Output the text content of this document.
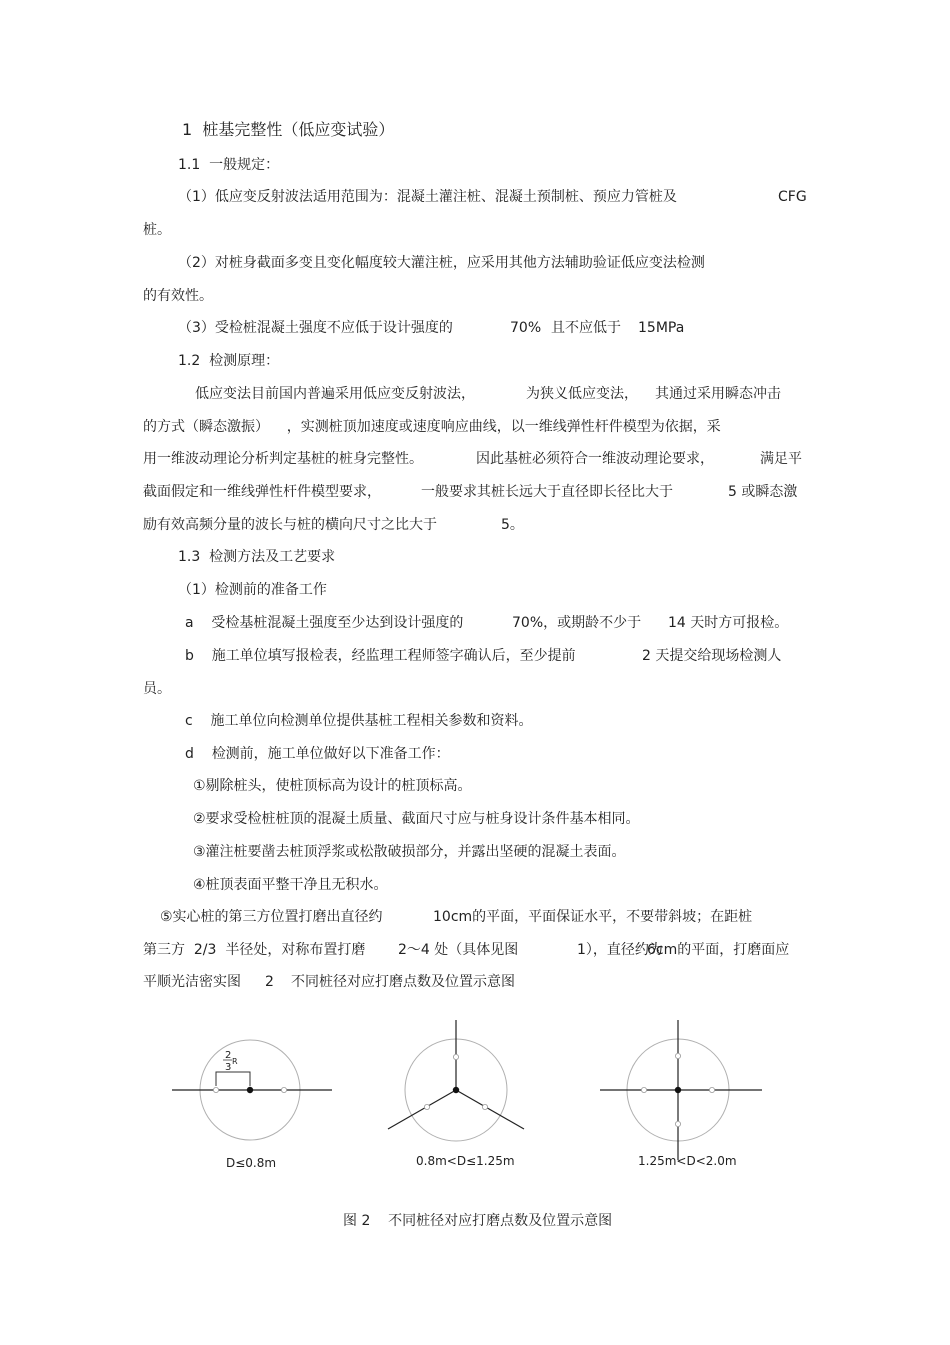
1  桩基完整性（低应变试验）
1.1  一般规定：
（1）低应变反射波法适用范围为：混凝土灌注桩、混凝土预制桩、预应力管桩及	CFG
桩。
（2）对桩身截面多变且变化幅度较大灌注桩，应采用其他方法辅助验证低应变法检测
的有效性。
（3）受检桩混凝土强度不应低于设计强度的	70% 且不应低于 15MPa
1.2  检测原理：
低应变法目前国内普遍采用低应变反射波法，	为狭义低应变法， 其通过采用瞬态冲击
的方式（瞬态激振）    ，实测桩顶加速度或速度响应曲线，以一维线弹性杆件模型为依据，采
用一维波动理论分析判定基桩的桩身完整性。	因此基桩必须符合一维波动理论要求，	满足平
截面假定和一维线弹性杆件模型要求，	一般要求其桩长远大于直径即长径比大于	5 或瞬态激
励有效高频分量的波长与桩的横向尺寸之比大于	5。
1.3  检测方法及工艺要求
（1）检测前的准备工作
a    受检基桩混凝土强度至少达到设计强度的	70%，或期龄不少于 14 天时方可报检。
b    施工单位填写报检表，经监理工程师签字确认后，至少提前	2 天提交给现场检测人
员。
c    施工单位向检测单位提供基桩工程相关参数和资料。
d    检测前，施工单位做好以下准备工作：
①剔除桩头，使桩顶标高为设计的桩顶标高。
②要求受检桩桩顶的混凝土质量、截面尺寸应与桩身设计条件基本相同。
③灌注桩要凿去桩顶浮浆或松散破损部分，并露出坚硬的混凝土表面。
④桩顶表面平整干净且无积水。
⑤实心桩的第三方位置打磨出直径约	10cm的平面，平面保证水平，不要带斜坡；在距桩
第三方  2/3  半径处，对称布置打磨 2～4 处（具体见图	1），直径约为
6cm的平面，打磨面应
平顺光洁密实图 2 不同桩径对应打磨点数及位置示意图
2
R
3
D≤0.8m	0.8m<D≤1.25m	1.25m<D<2.0m
图 2    不同桩径对应打磨点数及位置示意图
